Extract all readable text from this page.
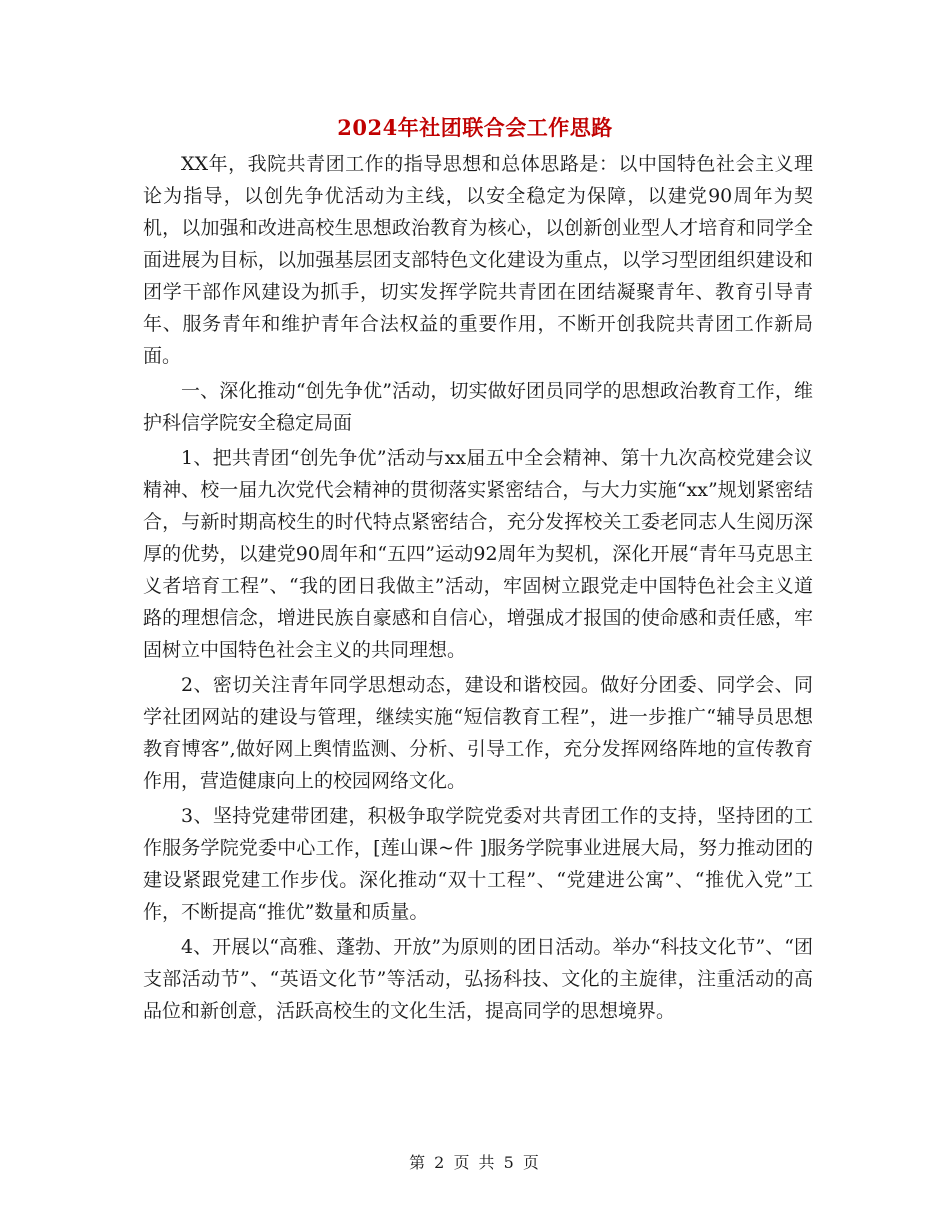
2024年社团联合会工作思路

XX年，我院共青团工作的指导思想和总体思路是：以中国特色社会主义理论为指导，以创先争优活动为主线，以安全稳定为保障，以建党90周年为契机，以加强和改进高校生思想政治教育为核心，以创新创业型人才培育和同学全面进展为目标，以加强基层团支部特色文化建设为重点，以学习型团组织建设和团学干部作风建设为抓手，切实发挥学院共青团在团结凝聚青年、教育引导青年、服务青年和维护青年合法权益的重要作用，不断开创我院共青团工作新局面。

一、深化推动“创先争优”活动，切实做好团员同学的思想政治教育工作，维护科信学院安全稳定局面

1、把共青团“创先争优”活动与xx届五中全会精神、第十九次高校党建会议精神、校一届九次党代会精神的贯彻落实紧密结合，与大力实施“xx”规划紧密结合，与新时期高校生的时代特点紧密结合，充分发挥校关工委老同志人生阅历深厚的优势，以建党90周年和“五四”运动92周年为契机，深化开展“青年马克思主义者培育工程”、“我的团日我做主”活动，牢固树立跟党走中国特色社会主义道路的理想信念，增进民族自豪感和自信心，增强成才报国的使命感和责任感，牢固树立中国特色社会主义的共同理想。

2、密切关注青年同学思想动态，建设和谐校园。做好分团委、同学会、同学社团网站的建设与管理，继续实施“短信教育工程”，进一步推广“辅导员思想教育博客”,做好网上舆情监测、分析、引导工作，充分发挥网络阵地的宣传教育作用，营造健康向上的校园网络文化。

3、坚持党建带团建，积极争取学院党委对共青团工作的支持，坚持团的工作服务学院党委中心工作，[莲山课~件 ]服务学院事业进展大局，努力推动团的建设紧跟党建工作步伐。深化推动“双十工程”、“党建进公寓”、“推优入党”工作，不断提高“推优”数量和质量。

4、开展以“高雅、蓬勃、开放”为原则的团日活动。举办“科技文化节”、“团支部活动节”、“英语文化节”等活动，弘扬科技、文化的主旋律，注重活动的高品位和新创意，活跃高校生的文化生活，提高同学的思想境界。

第 2 页 共 5 页
